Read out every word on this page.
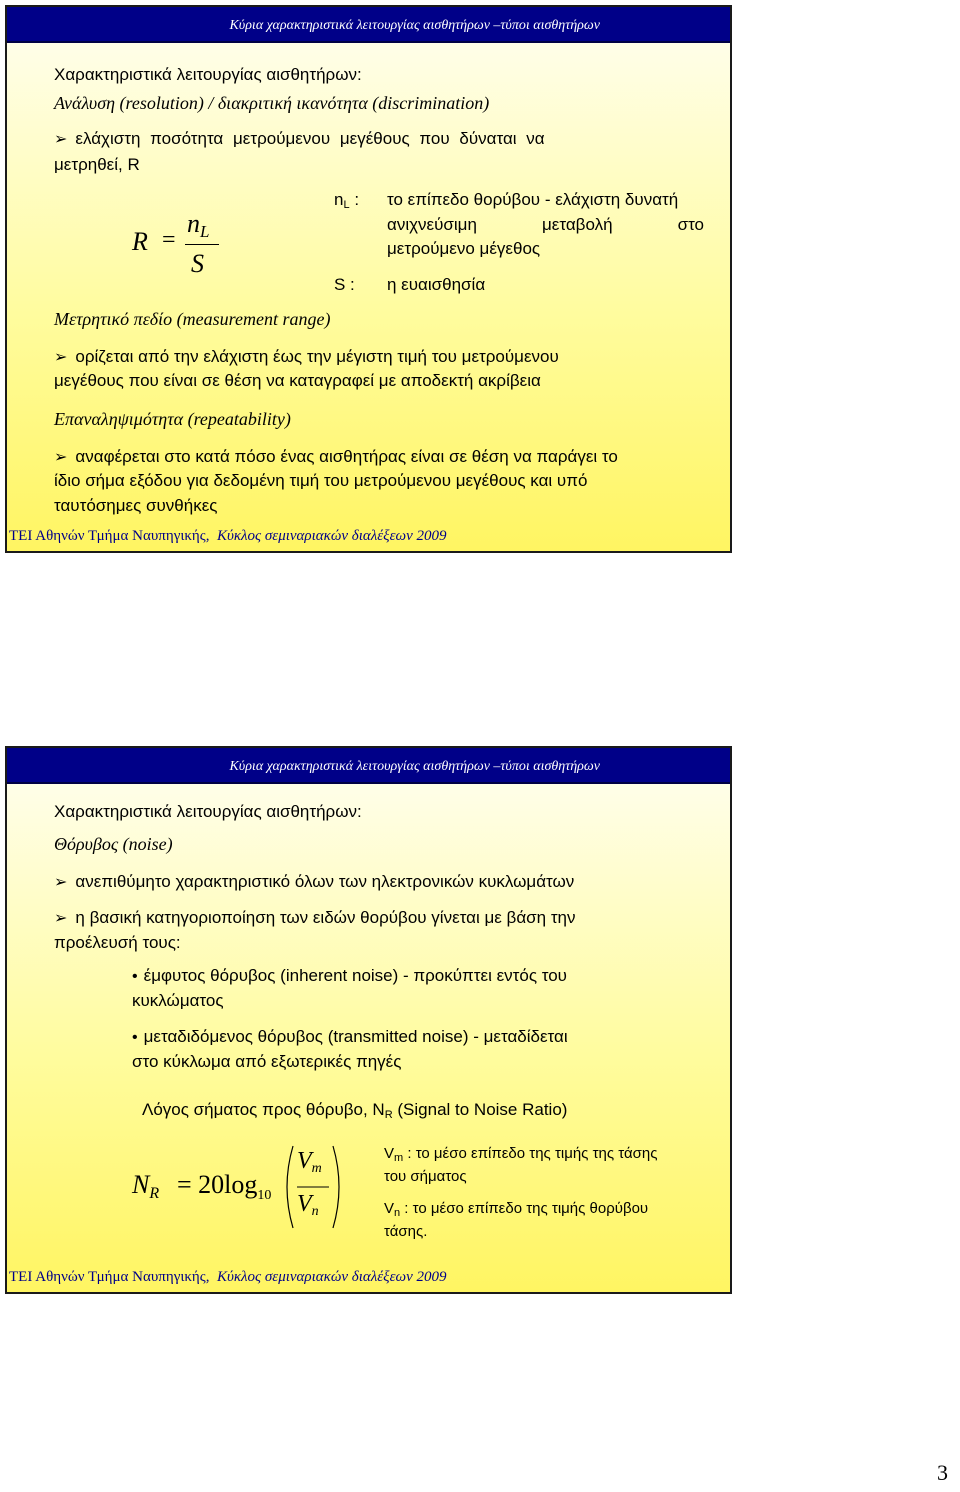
Κύρια χαρακτηριστικά λειτουργίας αισθητήρων –τύποι αισθητήρων
Χαρακτηριστικά λειτουργίας αισθητήρων:
Ανάλυση (resolution) / διακριτική ικανότητα (discrimination)
➢ ελάχιστη ποσότητα μετρούμενου μεγέθους που δύναται να
μετρηθεί, R
R =
nL
S
$n_L$ : το επίπεδο θορύβου - ελάχιστη δυνατή
ανιχνεύσιμη	μεταβολή	στο
μετρούμενο μέγεθος
S : η ευαισθησία
Μετρητικό πεδίο (measurement range)
➢ ορίζεται από την ελάχιστη έως την μέγιστη τιμή του μετρούμενου
μεγέθους που είναι σε θέση να καταγραφεί με αποδεκτή ακρίβεια
Επαναληψιμότητα (repeatability)
➢ αναφέρεται στο κατά πόσο ένας αισθητήρας είναι σε θέση να παράγει το
ίδιο σήμα εξόδου για δεδομένη τιμή του μετρούμενου μεγέθους και υπό
ταυτόσημες συνθήκες
ΤΕΙ Αθηνών Τμήμα Ναυπηγικής, Κύκλος σεμιναριακών διαλέξεων 2009
Κύρια χαρακτηριστικά λειτουργίας αισθητήρων –τύποι αισθητήρων
Χαρακτηριστικά λειτουργίας αισθητήρων:
Θόρυβος (noise)
➢ ανεπιθύμητο χαρακτηριστικό όλων των ηλεκτρονικών κυκλωμάτων
➢ η βασική κατηγοριοποίηση των ειδών θορύβου γίνεται με βάση την
προέλευσή τους:
• έμφυτος θόρυβος (inherent noise) - προκύπτει εντός του
κυκλώματος
• μεταδιδόμενος θόρυβος (transmitted noise) - μεταδίδεται
στο κύκλωμα από εξωτερικές πηγές
Λόγος σήματος προς θόρυβο, $N_R$ (Signal to Noise Ratio)
NR = $20\log_{10}$
Vm
Vn
$V_m$ : το μέσο επίπεδο της τιμής της τάσης
του σήματος
$V_n$ : το μέσο επίπεδο της τιμής θορύβου
τάσης.
ΤΕΙ Αθηνών Τμήμα Ναυπηγικής, Κύκλος σεμιναριακών διαλέξεων 2009
3
